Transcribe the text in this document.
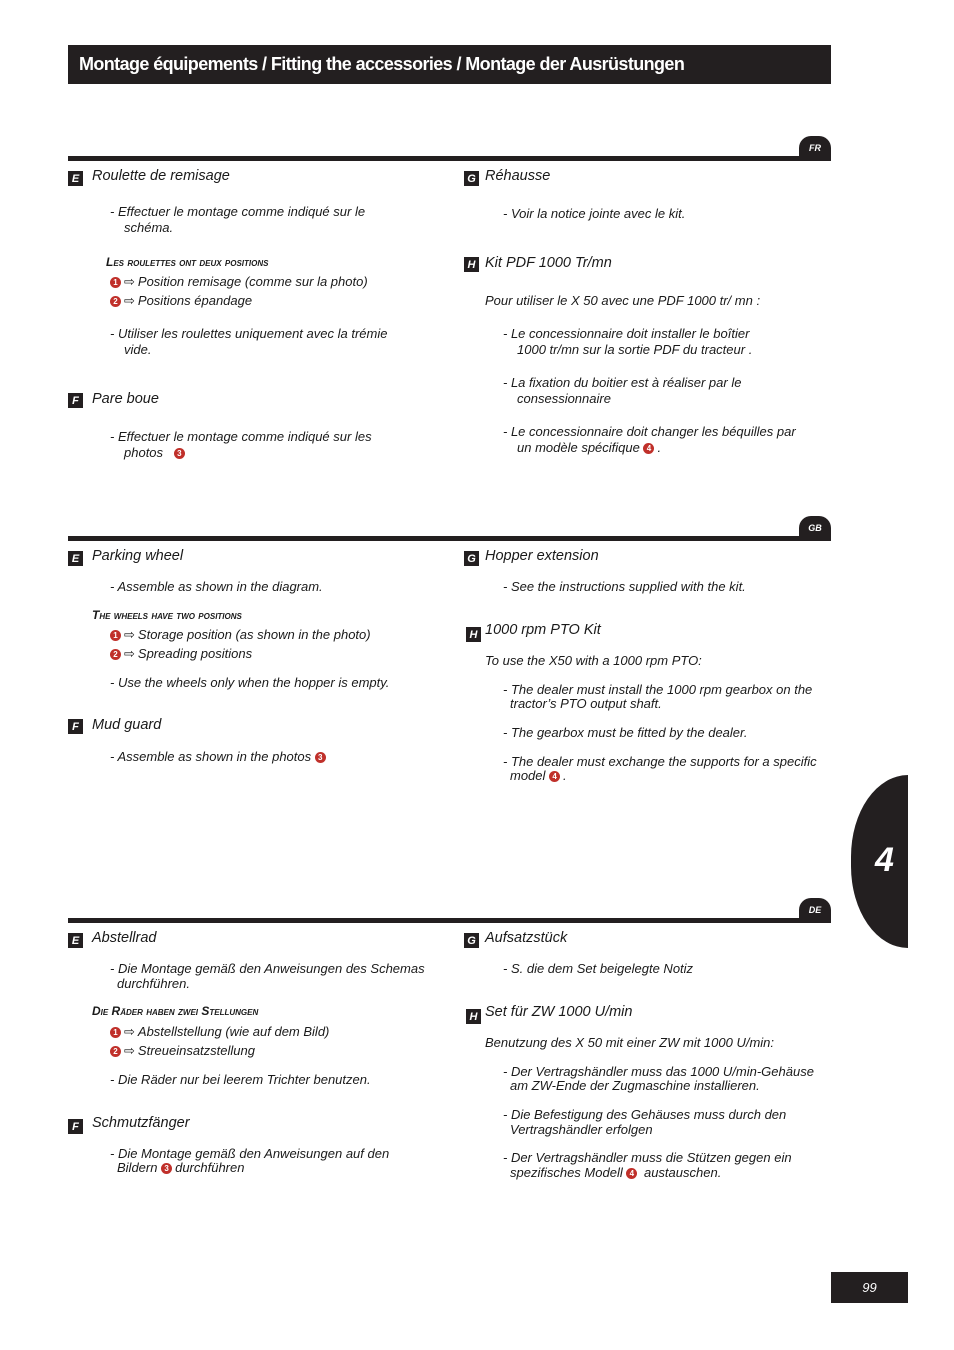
Montage équipements / Fitting the accessories / Montage der Ausrüstungen
FR
E Roulette de remisage
- Effectuer le montage comme indiqué sur le
schéma.
Les roulettes ont deux positions
1 ⇨ Position remisage (comme sur la photo)
2 ⇨ Positions épandage
- Utiliser les roulettes uniquement avec la trémie
vide.
F Pare boue
- Effectuer le montage comme indiqué sur les
photos 3
G Réhausse
- Voir la notice jointe avec le kit.
H Kit PDF 1000 Tr/mn
Pour utiliser le X 50 avec une PDF 1000 tr/ mn :
- Le concessionnaire doit installer le boîtier
1000 tr/mn sur la sortie PDF du tracteur .
- La fixation du boitier est à réaliser par le
consessionnaire
- Le concessionnaire doit changer les béquilles par
un modèle spécifique 4 .
GB
E Parking wheel
- Assemble as shown in the diagram.
The wheels have two positions
1 ⇨ Storage position (as shown in the photo)
2 ⇨ Spreading positions
- Use the wheels only when the hopper is empty.
F Mud guard
- Assemble as shown in the photos 3
G Hopper extension
- See the instructions supplied with the kit.
H 1000 rpm PTO Kit
To use the X50 with a 1000 rpm PTO:
- The dealer must install the 1000 rpm gearbox on the
tractor’s PTO output shaft.
- The gearbox must be fitted by the dealer.
- The dealer must exchange the supports for a specific
model 4 .
DE
E Abstellrad
- Die Montage gemäß den Anweisungen des Schemas
durchführen.
Die Räder haben zwei Stellungen
1 ⇨ Abstellstellung (wie auf dem Bild)
2 ⇨ Streueinsatzstellung
- Die Räder nur bei leerem Trichter benutzen.
F Schmutzfänger
- Die Montage gemäß den Anweisungen auf den
Bildern 3 durchführen
G Aufsatzstück
- S. die dem Set beigelegte Notiz
H Set für ZW 1000 U/min
Benutzung des X 50 mit einer ZW mit 1000 U/min:
- Der Vertragshändler muss das 1000 U/min-Gehäuse
am ZW-Ende der Zugmaschine installieren.
- Die Befestigung des Gehäuses muss durch den
Vertragshändler erfolgen
- Der Vertragshändler muss die Stützen gegen ein
spezifisches Modell 4 austauschen.
4
99
